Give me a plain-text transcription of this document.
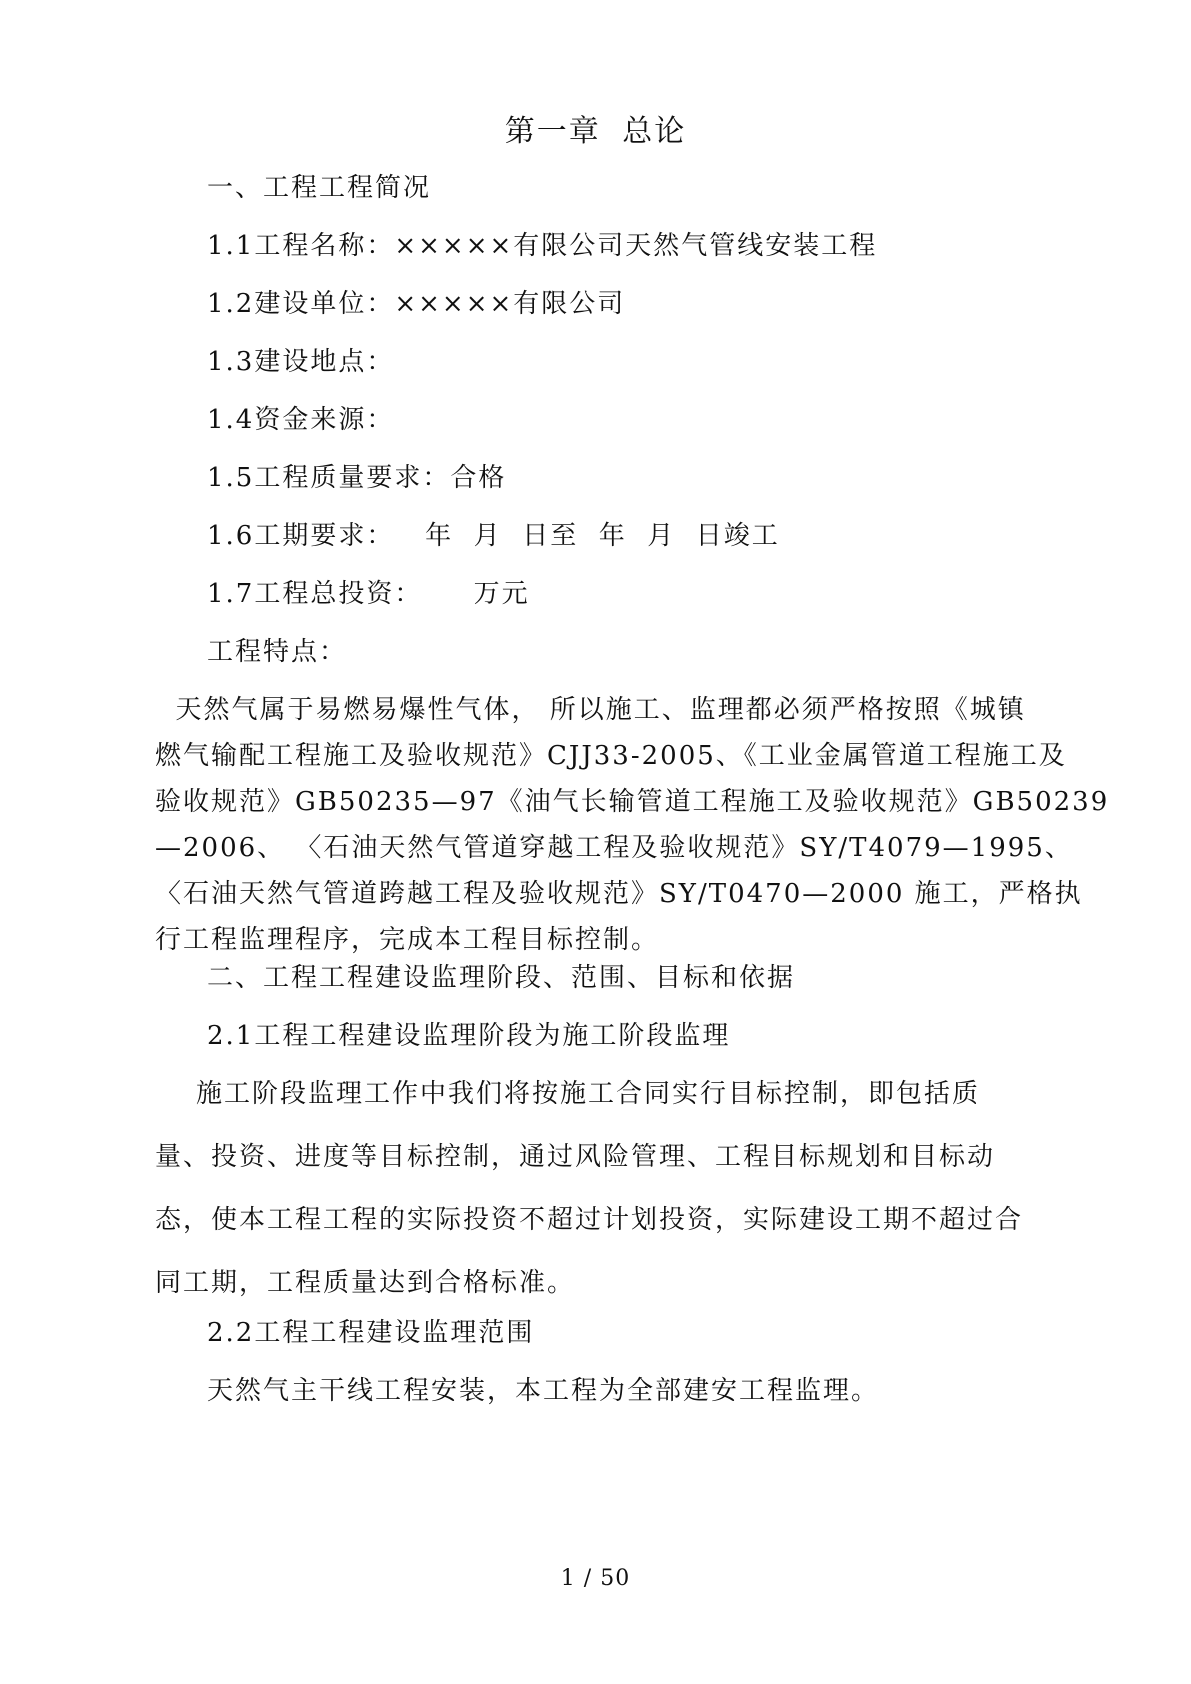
第一章 总论
一、工程工程简况
1.1工程名称：×××××有限公司天然气管线安装工程
1.2建设单位：×××××有限公司
1.3建设地点：
1.4资金来源：
1.5工程质量要求：合格
1.6工期要求：   年  月  日至  年  月  日竣工
1.7工程总投资：     万元
工程特点：

天然气属于易燃易爆性气体， 所以施工、监理都必须严格按照《城镇

燃气输配工程施工及验收规范》CJJ33-2005、《工业金属管道工程施工及

验收规范》GB50235—97《油气长输管道工程施工及验收规范》GB50239

—2006、 〈石油天然气管道穿越工程及验收规范》SY/T4079—1995、

〈石油天然气管道跨越工程及验收规范》SY/T0470—2000 施工，严格执

行工程监理程序，完成本工程目标控制。

二、工程工程建设监理阶段、范围、目标和依据
2.1工程工程建设监理阶段为施工阶段监理

施工阶段监理工作中我们将按施工合同实行目标控制，即包括质

量、投资、进度等目标控制，通过风险管理、工程目标规划和目标动

态，使本工程工程的实际投资不超过计划投资，实际建设工期不超过合

同工期，工程质量达到合格标准。

2.2工程工程建设监理范围
天然气主干线工程安装，本工程为全部建安工程监理。
1 / 50
